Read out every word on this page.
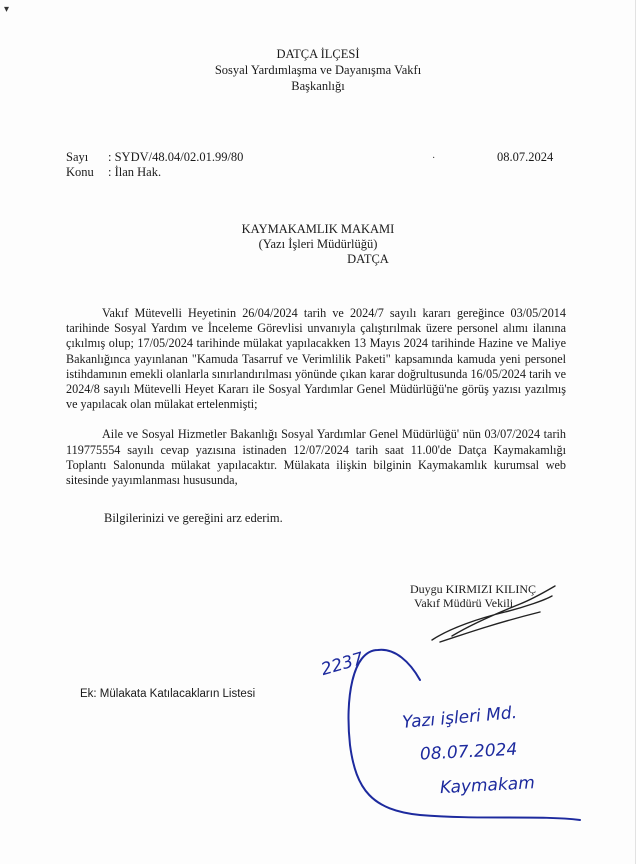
▾
·
DATÇA İLÇESİ
Sosyal Yardımlaşma ve Dayanışma Vakfı
Başkanlığı
Sayı	: SYDV/48.04/02.01.99/80
Konu	: İlan Hak.
08.07.2024
KAYMAKAMLIK MAKAMI
(Yazı İşleri Müdürlüğü)
DATÇA

Vakıf Mütevelli Heyetinin 26/04/2024 tarih ve 2024/7 sayılı kararı gereğince 03/05/2014 tarihinde Sosyal Yardım ve İnceleme Görevlisi unvanıyla çalıştırılmak üzere personel alımı ilanına çıkılmış olup; 17/05/2024 tarihinde mülakat yapılacakken 13 Mayıs 2024 tarihinde Hazine ve Maliye Bakanlığınca yayınlanan "Kamuda Tasarruf ve Verimlilik Paketi" kapsamında kamuda yeni personel istihdamının emekli olanlarla sınırlandırılması yönünde çıkan karar doğrultusunda 16/05/2024 tarih ve 2024/8 sayılı Mütevelli Heyet Kararı ile Sosyal Yardımlar Genel Müdürlüğü'ne görüş yazısı yazılmış ve yapılacak olan mülakat ertelenmişti;

Aile ve Sosyal Hizmetler Bakanlığı Sosyal Yardımlar Genel Müdürlüğü' nün 03/07/2024 tarih 119775554 sayılı cevap yazısına istinaden 12/07/2024 tarih saat 11.00'de Datça Kaymakamlığı Toplantı Salonunda mülakat yapılacaktır. Mülakata ilişkin bilginin Kaymakamlık kurumsal web sitesinde yayımlanması hususunda,

Bilgilerinizi ve gereğini arz ederim.
Duygu KIRMIZI KILINÇ
Vakıf Müdürü Vekili
Ek: Mülakata Katılacakların Listesi
2237
Yazı işleri Md.
08.07.2024
Kaymakam
